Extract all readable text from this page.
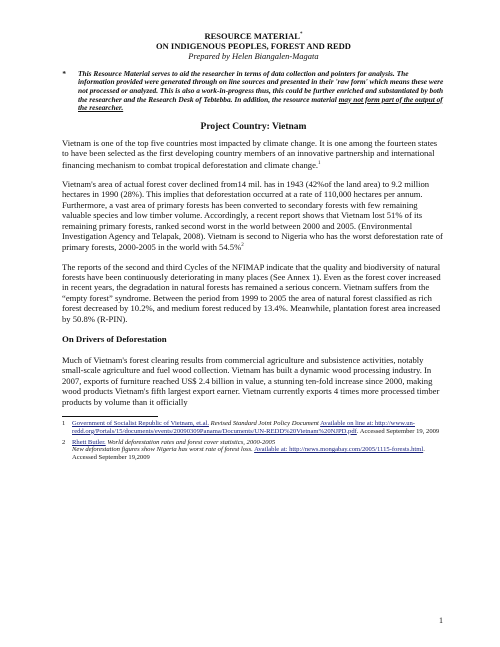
RESOURCE MATERIAL*
ON INDIGENOUS PEOPLES, FOREST AND REDD
Prepared by Helen Biangalen-Magata
*	This Resource Material serves to aid the researcher in terms of data collection and pointers for analysis. The information provided were generated through on line sources and presented in their 'raw form' which means these were not processed or analyzed. This is also a work-in-progress thus, this could be further enriched and substantiated by both the researcher and the Research Desk of Tebtebba. In addition, the resource material may not form part of the output of the researcher.
Project Country: Vietnam

Vietnam is one of the top five countries most impacted by climate change. It is one among the fourteen states to have been selected as the first developing country members of an innovative partnership and international financing mechanism to combat tropical deforestation and climate change.$^1$

Vietnam's area of actual forest cover declined from14 mil. has in 1943 (42%of the land area) to 9.2 million hectares in 1990 (28%). This implies that deforestation occurred at a rate of 110,000 hectares per annum. Furthermore, a vast area of primary forests has been converted to secondary forests with few remaining valuable species and low timber volume. Accordingly, a recent report shows that Vietnam lost 51% of its remaining primary forests, ranked second worst in the world between 2000 and 2005. (Environmental Investigation Agency and Telapak, 2008). Vietnam is second to Nigeria who has the worst deforestation rate of primary forests, 2000-2005 in the world with 54.5%$^2$

The reports of the second and third Cycles of the NFIMAP indicate that the quality and biodiversity of natural forests have been continuously deteriorating in many places (See Annex 1). Even as the forest cover increased in recent years, the degradation in natural forests has remained a serious concern. Vietnam suffers from the “empty forest” syndrome. Between the period from 1999 to 2005 the area of natural forest classified as rich forest decreased by 10.2%, and medium forest reduced by 13.4%. Meanwhile, plantation forest area increased by 50.8% (R-PIN).

On Drivers of Deforestation

Much of Vietnam's forest clearing results from commercial agriculture and subsistence activities, notably small-scale agriculture and fuel wood collection. Vietnam has built a dynamic wood processing industry. In 2007, exports of furniture reached US$ 2.4 billion in value, a stunning ten-fold increase since 2000, making wood products Vietnam's fifth largest export earner. Vietnam currently exports 4 times more processed timber products by volume than it officially

1	Government of Socialist Republic of Vietnam, et.al. Revised Standard Joint Policy Document Available on line at: http://www.un-redd.org/Portals/15/documents/events/20090309Panama/Documents/UN-REDD%20Vietnam%20NJPD.pdf. Accessed September 19, 2009
2	Rhett Butler. World deforestation rates and forest cover statistics, 2000-2005
New deforestation figures show Nigeria has worst rate of forest loss. Available at: http://news.mongabay.com/2005/1115-forests.html. Accessed September 19,2009
1
